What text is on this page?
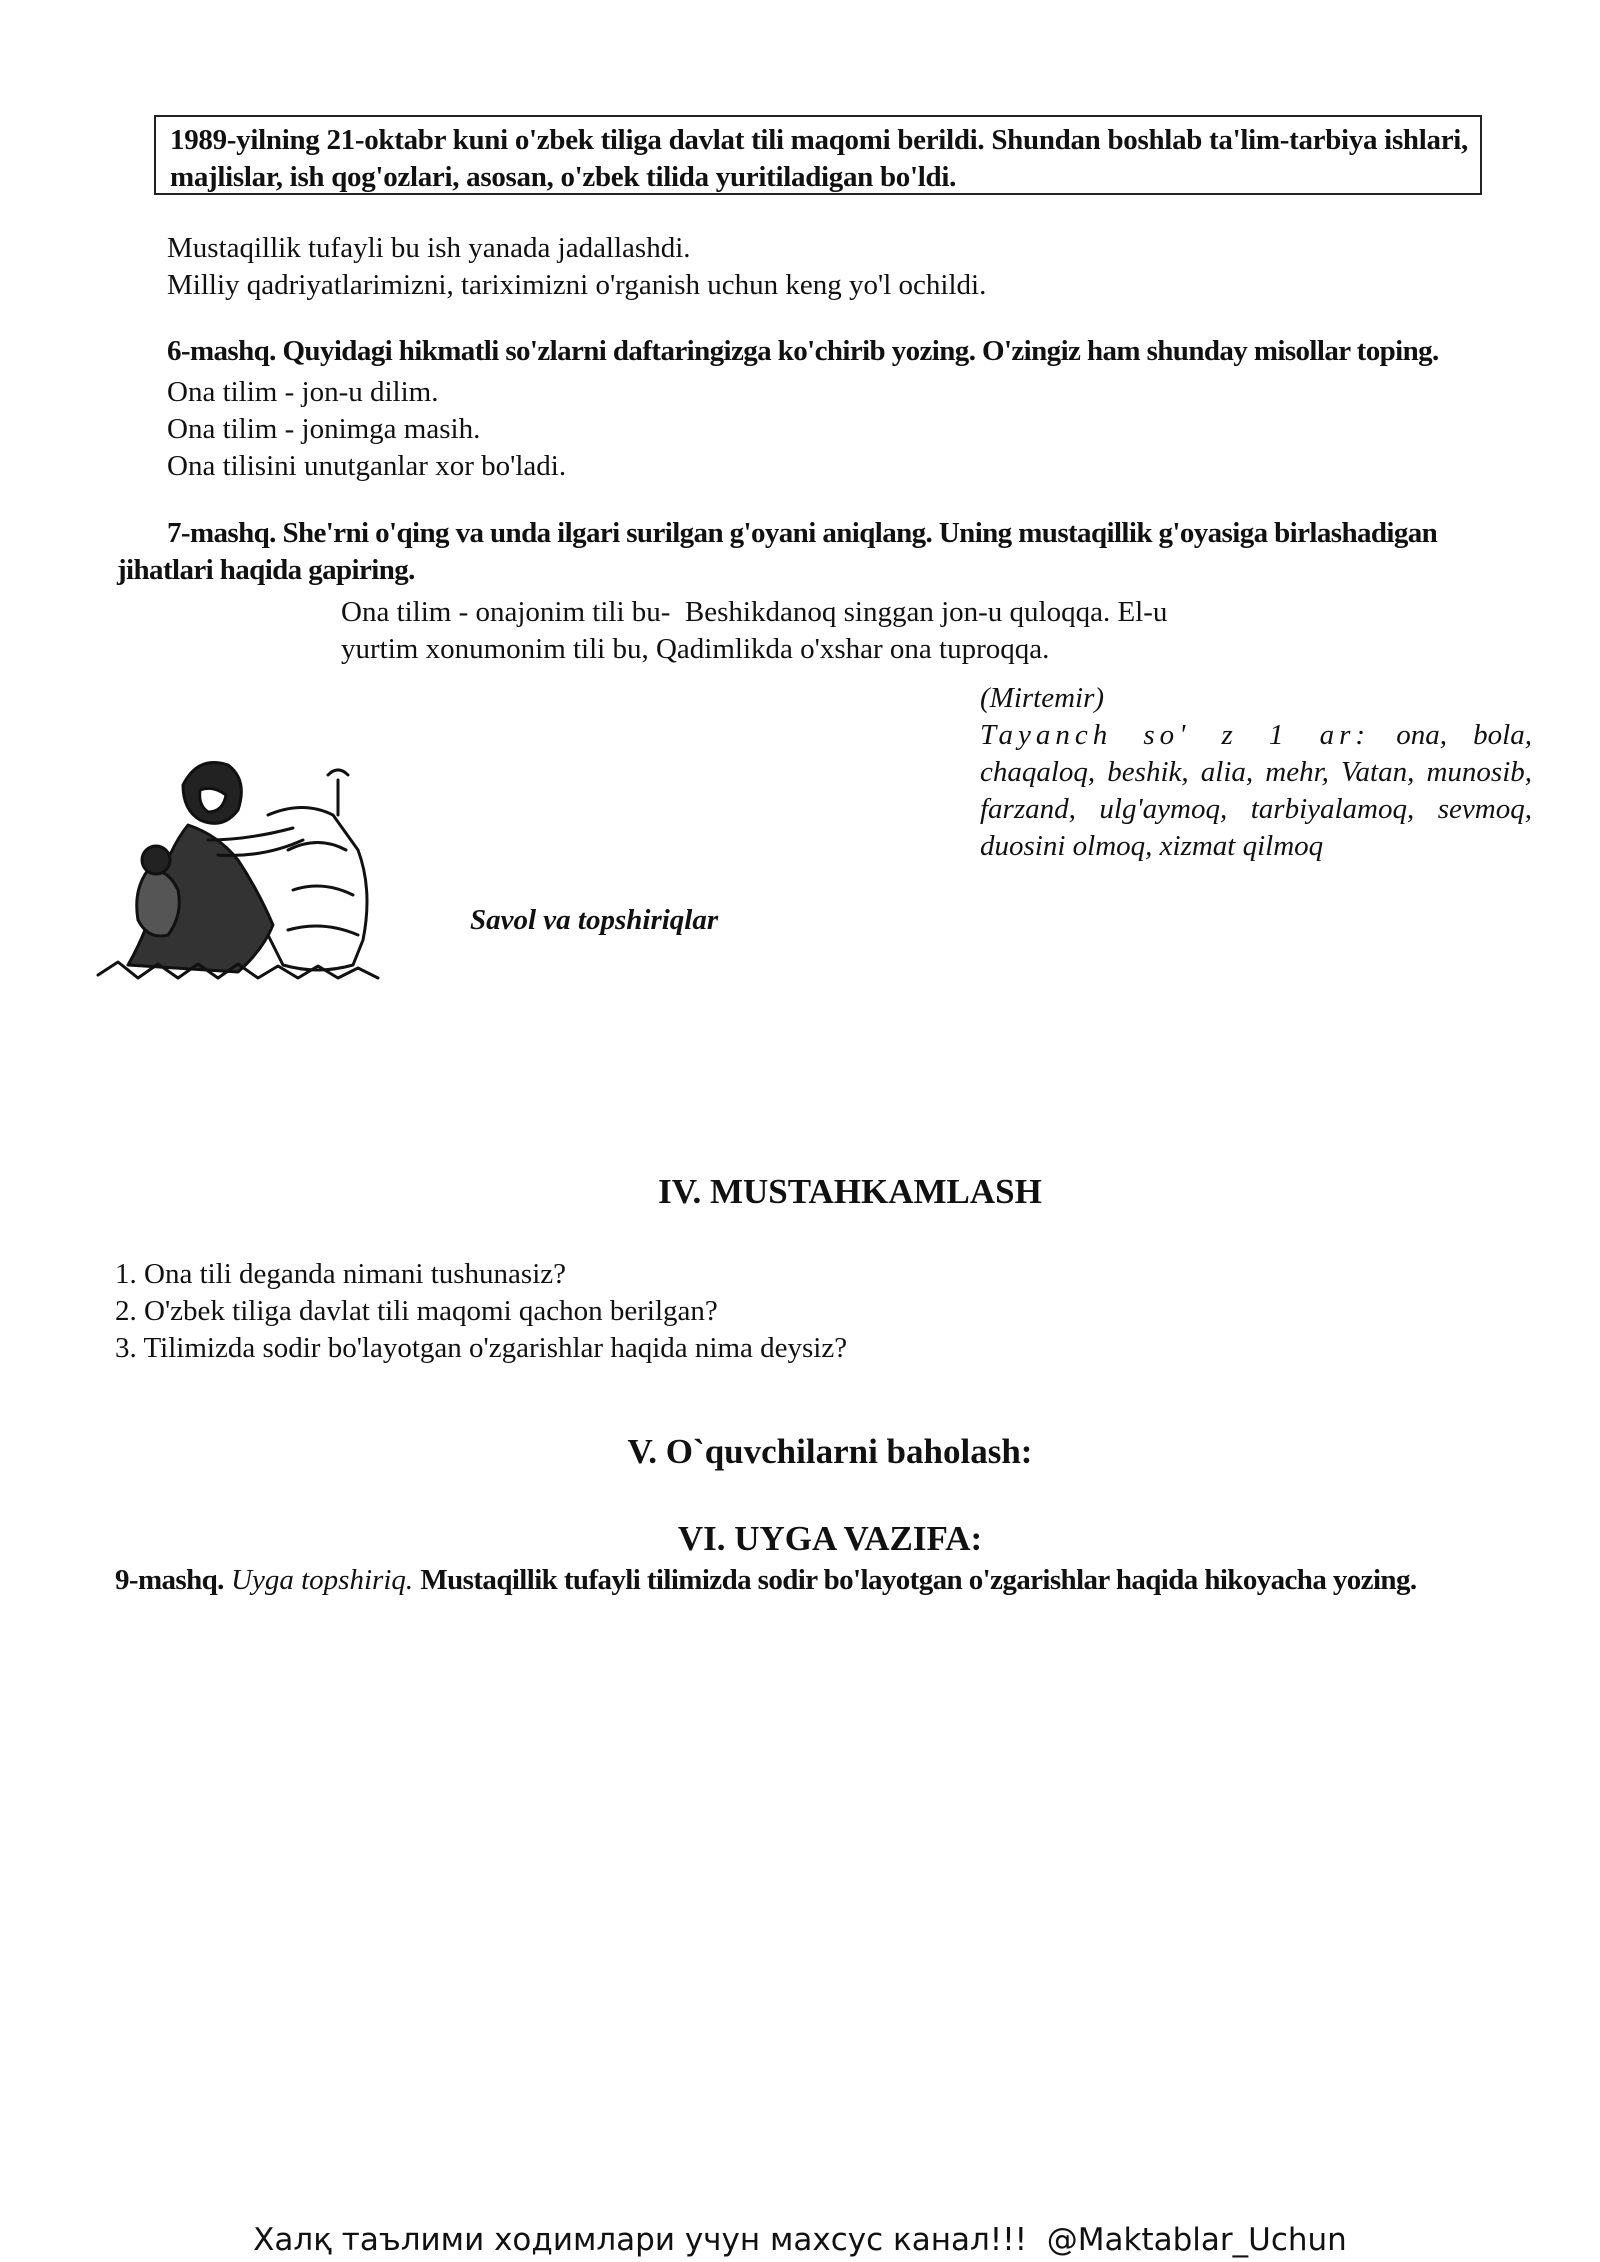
1989-yilning 21-oktabr kuni o'zbek tiliga davlat tili maqomi berildi. Shundan boshlab ta'lim-tarbiya ishlari, majlislar, ish qog'ozlari, asosan, o'zbek tilida yuritiladigan bo'ldi.
Mustaqillik tufayli bu ish yanada jadallashdi.
Milliy qadriyatlarimizni, tariximizni o'rganish uchun keng yo'l ochildi.
6-mashq. Quyidagi hikmatli so'zlarni daftaringizga ko'chirib yozing. O'zingiz ham shunday misollar toping.
Ona tilim - jon-u dilim.
Ona tilim - jonimga masih.
Ona tilisini unutganlar xor bo'ladi.
7-mashq. She'rni o'qing va unda ilgari surilgan g'oyani aniqlang. Uning mustaqillik g'oyasiga birlashadigan
jihatlari haqida gapiring.
Ona tilim - onajonim tili bu-  Beshikdanoq singgan jon-u quloqqa. El-u
yurtim xonumonim tili bu, Qadimlikda o'xshar ona tuproqqa.
(Mirtemir)
Tayanch so' z 1 ar: ona, bola, chaqaloq, beshik, alia, mehr, Vatan, munosib, farzand, ulg'aymoq, tarbiyalamoq, sevmoq, duosini olmoq, xizmat qilmoq
Savol va topshiriqlar
IV. MUSTAHKAMLASH
1. Ona tili deganda nimani tushunasiz?
2. O'zbek tiliga davlat tili maqomi qachon berilgan?
3. Tilimizda sodir bo'layotgan o'zgarishlar haqida nima deysiz?
V. O`quvchilarni baholash:
VI. UYGA VAZIFA:
9-mashq. Uyga topshiriq. Mustaqillik tufayli tilimizda sodir bo'layotgan o'zgarishlar haqida hikoyacha yozing.
Халқ таълими ходимлари учун махсус канал!!!  @Maktablar_Uchun
